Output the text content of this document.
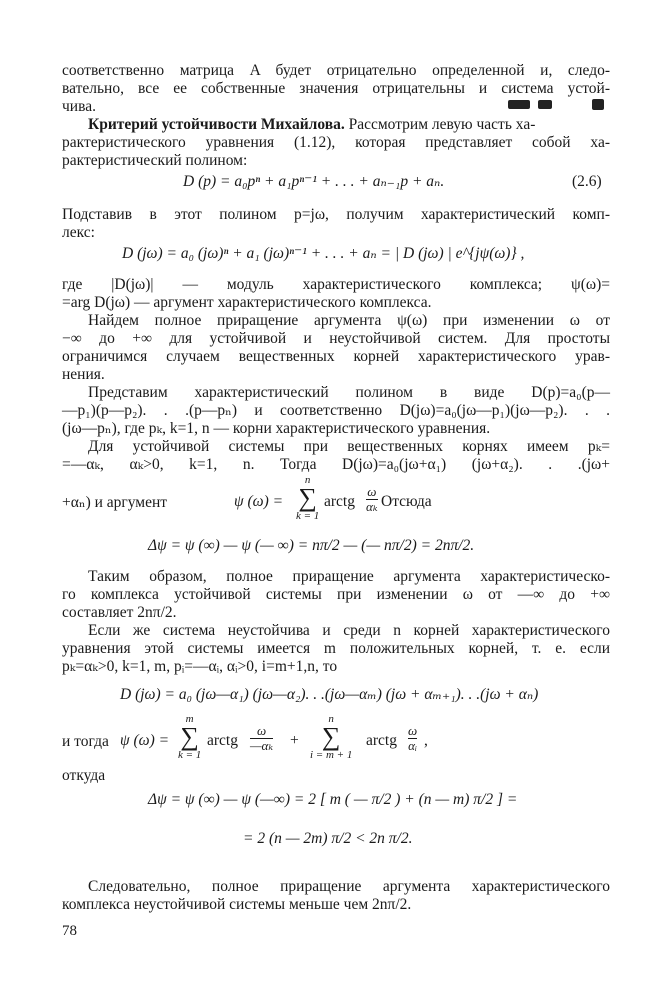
соответственно матрица A будет отрицательно определенной и, следо-
вательно, все ее собственные значения отрицательны и система устой-
чива.
Критерий устойчивости Михайлова. Рассмотрим левую часть ха-
рактеристического уравнения (1.12), которая представляет собой ха-
рактеристический полином:
D (p) = a₀pⁿ + a₁pⁿ⁻¹ + . . . + aₙ₋₁p + aₙ.	(2.6)
Подставив в этот полином p=jω, получим характеристический комп-
лекс:
D (jω) = a₀ (jω)ⁿ + a₁ (jω)ⁿ⁻¹ + . . . + aₙ = | D (jω) | e^{jψ(ω)} ,
где |D(jω)| — модуль характеристического комплекса; ψ(ω)=
=arg D(jω) — аргумент характеристического комплекса.
Найдем полное приращение аргумента ψ(ω) при изменении ω от
−∞ до +∞ для устойчивой и неустойчивой систем. Для простоты
ограничимся случаем вещественных корней характеристического урав-
нения.
Представим характеристический полином в виде D(p)=a₀(p—
—p₁)(p—p₂). . .(p—pₙ) и соответственно D(jω)=a₀(jω—p₁)(jω—p₂). . .
(jω—pₙ), где pₖ, k=1, n — корни характеристического уравнения.
Для устойчивой системы при вещественных корнях имеем pₖ=
=—αₖ, αₖ>0, k=1, n. Тогда D(jω)=a₀(jω+α₁) (jω+α₂). . .(jω+
+αₙ) и аргумент	ψ (ω) =
n
∑
k = 1
arctg
ω
αₖ Отсюда
Δψ = ψ (∞) — ψ (— ∞) = nπ/2 — (— nπ/2) = 2nπ/2.
Таким образом, полное приращение аргумента характеристическо-
го комплекса устойчивой системы при изменении ω от —∞ до +∞
составляет 2nπ/2.
Если же система неустойчива и среди n корней характеристического
уравнения этой системы имеется m положительных корней, т. е. если
pₖ=αₖ>0, k=1, m, pᵢ=—αᵢ, αᵢ>0, i=m+1,n, то
D (jω) = a₀ (jω—α₁) (jω—α₂). . .(jω—αₘ) (jω + αₘ₊₁). . .(jω + αₙ)
и тогда ψ (ω) =
m
∑
k = 1
arctg
ω
—αₖ +
n
∑
i = m + 1
arctg
ω
αᵢ ,
откуда
Δψ = ψ (∞) — ψ (—∞) = 2 [ m ( — π/2 ) + (n — m) π/2 ] =
= 2 (n — 2m) π/2 < 2n π/2.
Следовательно, полное приращение аргумента характеристического
комплекса неустойчивой системы меньше чем 2nπ/2.
78
